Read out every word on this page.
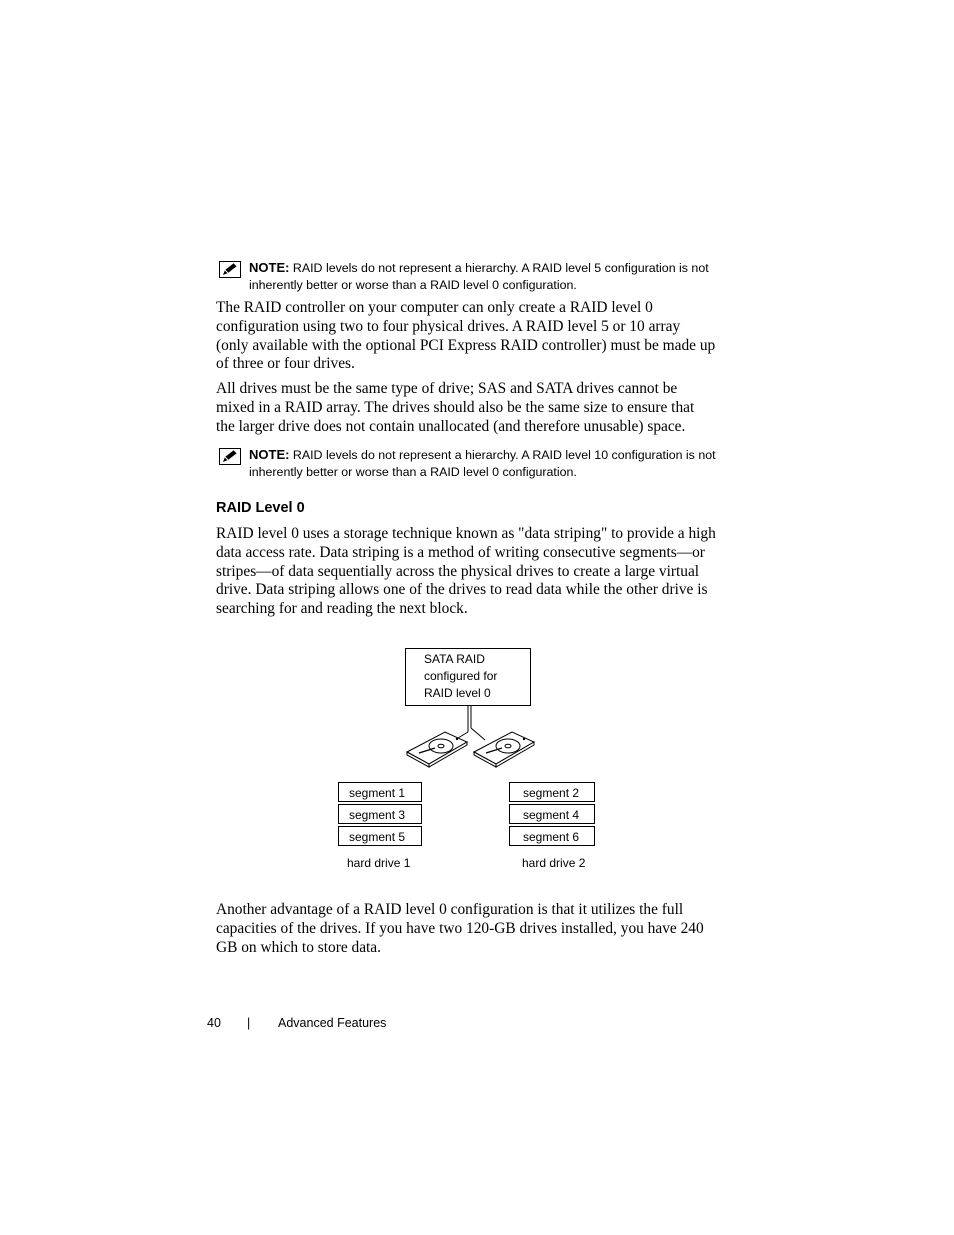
NOTE: RAID levels do not represent a hierarchy. A RAID level 5 configuration is not inherently better or worse than a RAID level 0 configuration.

The RAID controller on your computer can only create a RAID level 0 configuration using two to four physical drives. A RAID level 5 or 10 array (only available with the optional PCI Express RAID controller) must be made up of three or four drives.

All drives must be the same type of drive; SAS and SATA drives cannot be mixed in a RAID array. The drives should also be the same size to ensure that the larger drive does not contain unallocated (and therefore unusable) space.

NOTE: RAID levels do not represent a hierarchy. A RAID level 10 configuration is not inherently better or worse than a RAID level 0 configuration.
RAID Level 0

RAID level 0 uses a storage technique known as "data striping" to provide a high data access rate. Data striping is a method of writing consecutive segments—or stripes—of data sequentially across the physical drives to create a large virtual drive. Data striping allows one of the drives to read data while the other drive is searching for and reading the next block.

SATA RAID
configured for
RAID level 0
segment 1
segment 3
segment 5
segment 2
segment 4
segment 6
hard drive 1	hard drive 2

Another advantage of a RAID level 0 configuration is that it utilizes the full capacities of the drives. If you have two 120-GB drives installed, you have 240 GB on which to store data.

40 | Advanced Features
